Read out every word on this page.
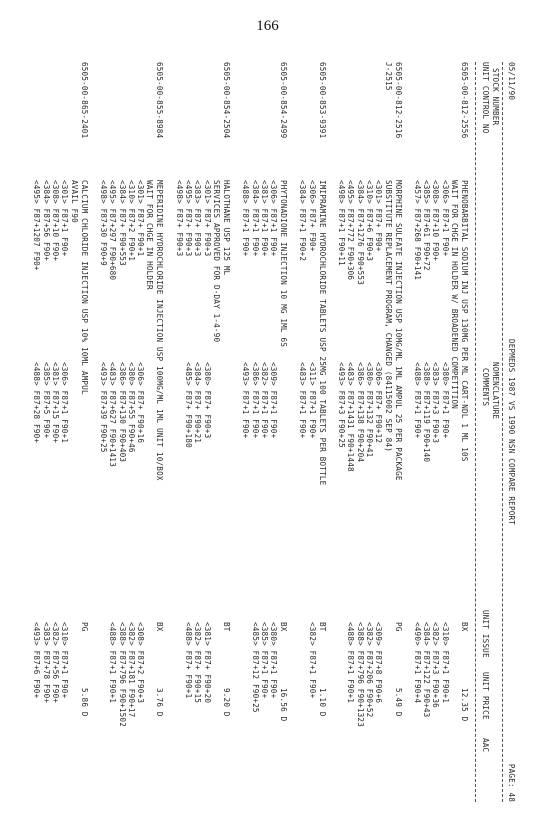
166
05/11/90
DEPMEDS 1987 VS 1990 NSN COMPARE REPORT
PAGE: 48
STOCK NUMBER
UNIT CONTROL NO
NOMENCLATURE
COMMENTS
UNIT ISSUE
UNIT PRICE
AAC
6505-00-812-2556
PHENOBARBITAL SODIUM INJ USP 130MG PER ML CART-NDL 1 ML 10S
BX
12.35 D
WAIT FOR CHGE IN HOLDER W/ BROADENED COMPETITION
<306> F87+1 F90+
<308> F87+10 F90+
<385> F87+61 F90+72
<457> F87+268 F90+141
<380> F87+1 F90+
<383> F87+3 F90+3
<388> F87+119 F90+140
<488> F87+1 F90+
<310> F87+1 F90+1
<382> F87+3 F90+36
<384> F87+122 F90+43
<490> F87+1 F90+4
6505-00-812-2516
MORPHINE SULFATE INJECTION USP 10MG/ML 1ML AMPUL 25 PER PACKAGE
PG
5.49 D
J-2515
SUBSTITUTE REPLACEMENT PROGRAM, CHANGED (84115002 SEP 84)
<301> F87+ F90+
<310> F87+6 F90+3
<384> F87+1276 F90+553
<495> F87+772 F90+306
<498> F87+1 F90+11
<306> F87+ F90+12
<380> F87+132 F90+41
<386> F87+138 F90+204
<483> F87+1431 F90+1448
<493> F87+3 F90+25
<309> F87+8 F90+6
<382> F87+206 F90+52
<388> F87+796 F90+1323
<488> F87+1 F90+1
6505-00-853-9391
IMIPRAMINE HYDROCHLORIDE TABLETS USP 25MG 100 TABLETS PER BOTTLE
BT
1.10 D
<306> F87+ F90+
<384> F87+1 F90+2
<311> F87+1 F90+
<483> F87+1 F90+
<382> F87+1 F90+
6505-00-854-2499
PHYTONADIONE INJECTION 10 MG 1ML 6S
BX
16.56 D
<306> F87+1 F90+
<381> F87+1 F90+
<384> F87+1 F90+
<488> F87+1 F90+
<309> F87+1 F90+
<382> F87+1 F90+
<386> F87+1 F90+
<493> F87+1 F90+
<380> F87+1 F90+
<385> F87+1 F90+
<485> F87+12 F90+25
6505-00-854-2504
HALOTHANE USP 125 ML
BT
9.20 D
SERVICES APPROVED FOR D-DAY 1-4-90
<301> F87+ F90+3
<383> F87+ F90+3
<495> F87+ F90+3
<498> F87+ F90+3
<380> F87+ F90+3
<384> F87+ F90+21
<485> F87+ F90+180
<381> F87+ F90+20
<382> F87+ F90+15
<488> F87+ F90+1
6505-00-855-8984
MEPERIDINE HYDROCHLORIDE INJECTION USP 100MG/ML 1ML UNIT 10/BOX
BX
3.76 D
WAIT FOR CHGE IN HOLDER
<301> F87+ F90+1
<310> F87+2 F90+1
<384> F87+ F90+553
<495> F87+297 F90+680
<498> F87+30 F90+9
<306> F87+ F90+16
<380> F87+55 F90+46
<386> F87+130 F90+403
<483> F87+627 F90+1413
<493> F87+39 F90+25
<308> F87+2 F90+3
<382> F87+181 F90+17
<388> F87+796 F90+1502
<488> F87+1 F90+1
6505-00-865-2401
CALCIUM CHLORIDE INJECTION USP 10% 10ML AMPUL
PG
5.86 D
AVAIL F90
<301> F87+1 F90+
<308> F87+10 F90+
<384> F87+56 F90+
<495> F87+1207 F90+
<306> F87+1 F90+1
<381> F87+15 F90+
<385> F87+5 F90+
<488> F87+28 F90+
<310> F87+1 F90+
<382> F87+56 F90+
<383> F87+78 F90+
<493> F87+6 F90+
